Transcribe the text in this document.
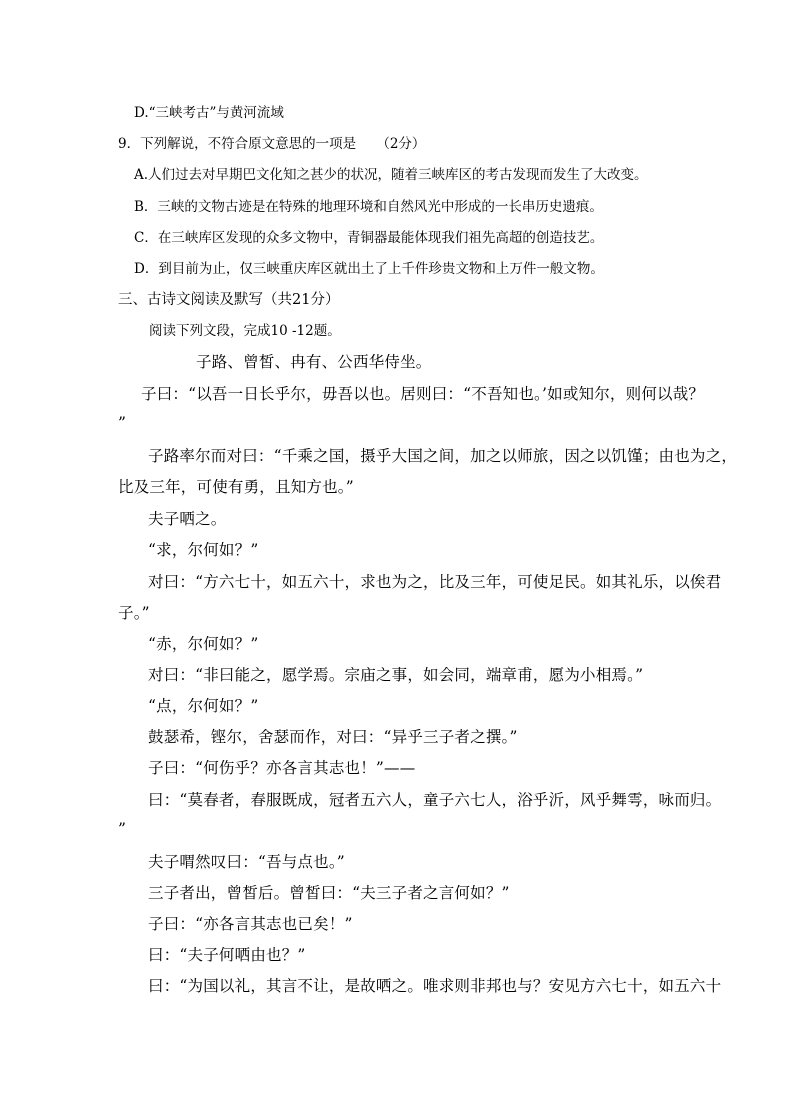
D.“三峡考古”与黄河流域
9．下列解说，不符合原文意思的一项是　　（2分）
A.人们过去对早期巴文化知之甚少的状况，随着三峡库区的考古发现而发生了大改变。
B．三峡的文物古迹是在特殊的地理环境和自然风光中形成的一长串历史遗痕。
C．在三峡库区发现的众多文物中，青铜器最能体现我们祖先高超的创造技艺。
D．到目前为止，仅三峡重庆库区就出土了上千件珍贵文物和上万件一般文物。
三、古诗文阅读及默写（共21分）
阅读下列文段，完成10 -12题。
子路、曾皙、冉有、公西华侍坐。
子曰：“以吾一日长乎尔，毋吾以也。居则曰：“不吾知也。’如或知尔，则何以哉？
”
子路率尔而对曰：“千乘之国，摄乎大国之间，加之以师旅，因之以饥馑；由也为之，
比及三年，可使有勇，且知方也。”
夫子哂之。
“求，尔何如？”
对曰：“方六七十，如五六十，求也为之，比及三年，可使足民。如其礼乐，以俟君
子。”
“赤，尔何如？”
对曰：“非曰能之，愿学焉。宗庙之事，如会同，端章甫，愿为小相焉。”
“点，尔何如？”
鼓瑟希，铿尔，舍瑟而作，对曰：“异乎三子者之撰。”
子曰：“何伤乎？亦各言其志也！”——
曰：“莫春者，春服既成，冠者五六人，童子六七人，浴乎沂，风乎舞雩，咏而归。
”
夫子喟然叹曰：“吾与点也。”
三子者出，曾皙后。曾皙曰：“夫三子者之言何如？”
子曰：“亦各言其志也已矣！”
曰：“夫子何哂由也？”
曰：“为国以礼，其言不让，是故哂之。唯求则非邦也与？安见方六七十，如五六十
